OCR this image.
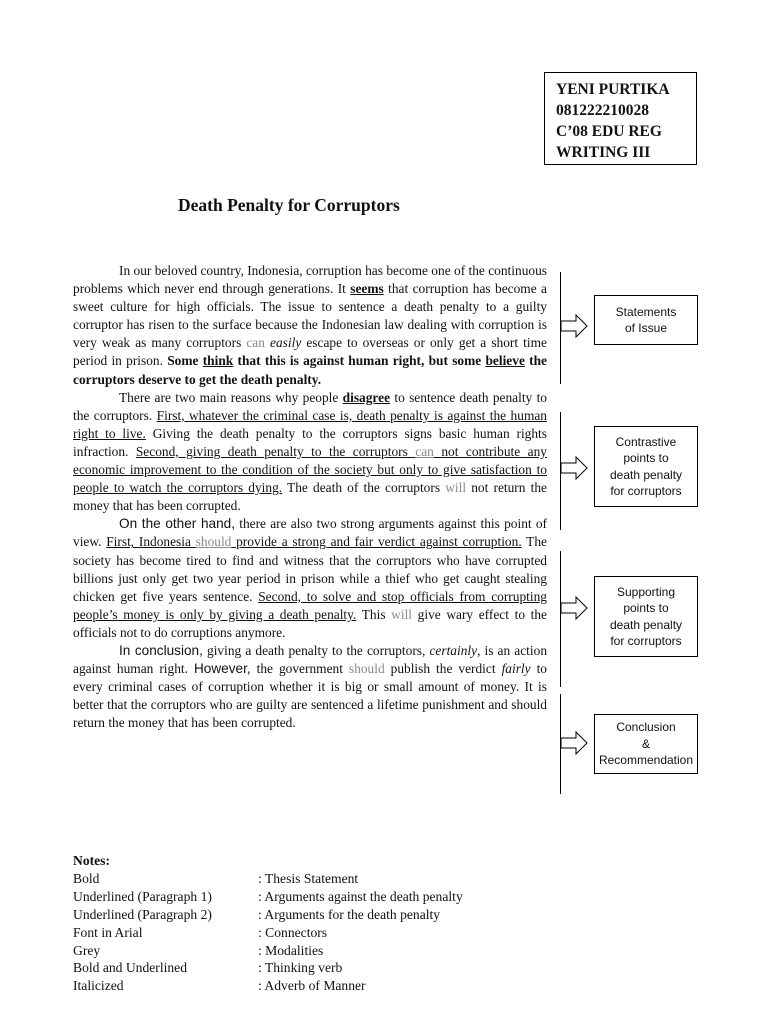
YENI PURTIKA
081222210028
C’08 EDU REG
WRITING III
Death Penalty for Corruptors

In our beloved country, Indonesia, corruption has become one of the continuous problems which never end through generations. It seems that corruption has become a sweet culture for high officials. The issue to sentence a death penalty to a guilty corruptor has risen to the surface because the Indonesian law dealing with corruption is very weak as many corruptors can easily escape to overseas or only get a short time period in prison. Some think that this is against human right, but some believe the corruptors deserve to get the death penalty.

There are two main reasons why people disagree to sentence death penalty to the corruptors. First, whatever the criminal case is, death penalty is against the human right to live. Giving the death penalty to the corruptors signs basic human rights infraction. Second, giving death penalty to the corruptors can not contribute any economic improvement to the condition of the society but only to give satisfaction to people to watch the corruptors dying. The death of the corruptors will not return the money that has been corrupted.

On the other hand, there are also two strong arguments against this point of view. First, Indonesia should provide a strong and fair verdict against corruption. The society has become tired to find and witness that the corruptors who have corrupted billions just only get two year period in prison while a thief who get caught stealing chicken get five years sentence. Second, to solve and stop officials from corrupting people’s money is only by giving a death penalty. This will give wary effect to the officials not to do corruptions anymore.

In conclusion, giving a death penalty to the corruptors, certainly, is an action against human right. However, the government should publish the verdict fairly to every criminal cases of corruption whether it is big or small amount of money. It is better that the corruptors who are guilty are sentenced a lifetime punishment and should return the money that has been corrupted.

Statements
of Issue
Contrastive
points to
death penalty
for corruptors
Supporting
points to
death penalty
for corruptors
Conclusion
&
Recommendation
Notes:
Bold	: Thesis Statement
Underlined (Paragraph 1)	: Arguments against the death penalty
Underlined (Paragraph 2)	: Arguments for the death penalty
Font in Arial	: Connectors
Grey	: Modalities
Bold and Underlined	: Thinking verb
Italicized	: Adverb of Manner
